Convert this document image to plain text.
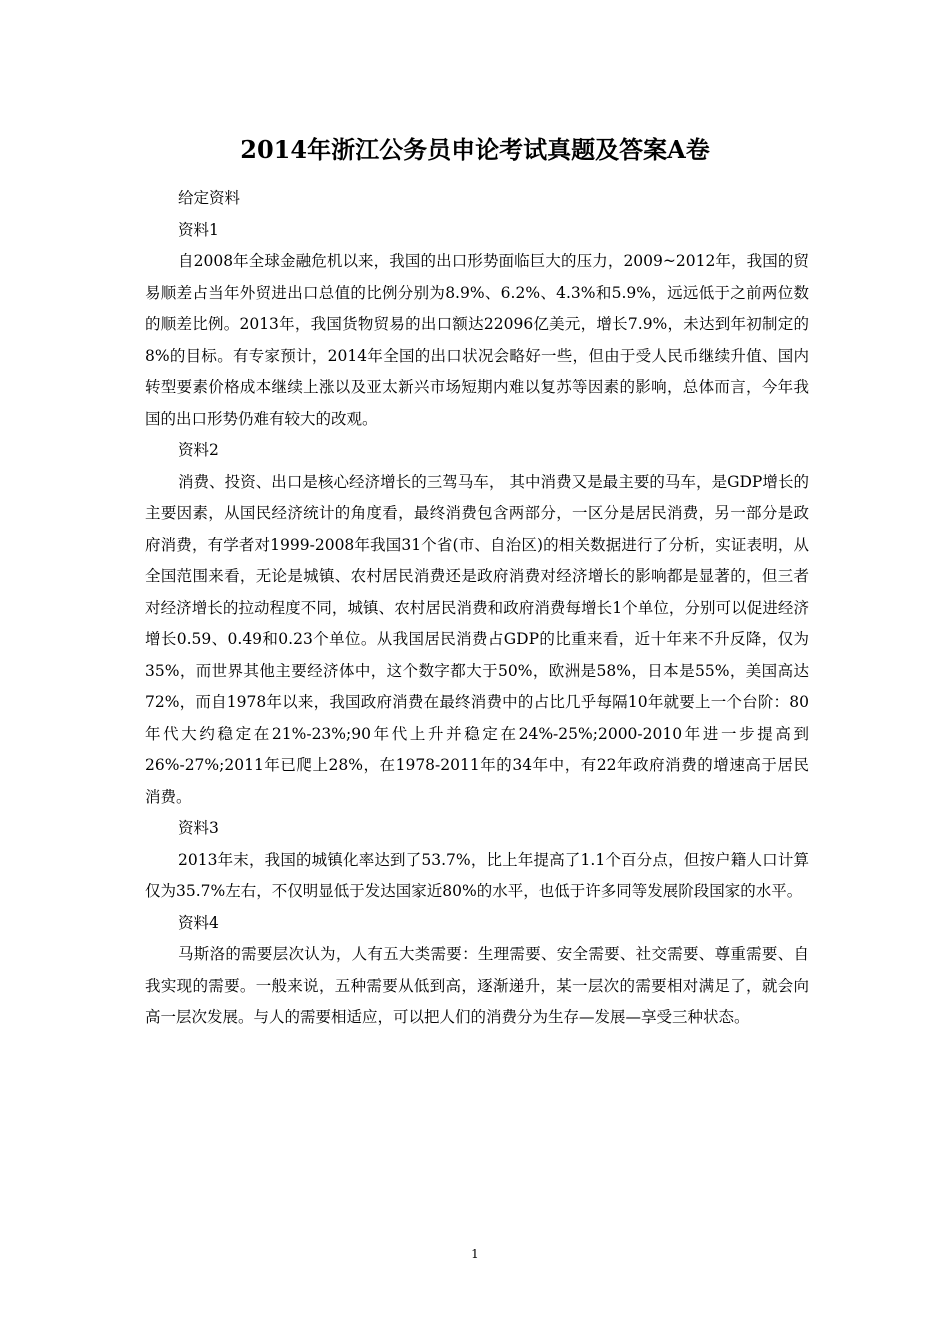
2014年浙江公务员申论考试真题及答案A卷

给定资料

资料1

自2008年全球金融危机以来，我国的出口形势面临巨大的压力，2009~2012年，我国的贸易顺差占当年外贸进出口总值的比例分别为8.9%、6.2%、4.3%和5.9%，远远低于之前两位数的顺差比例。2013年，我国货物贸易的出口额达22096亿美元，增长7.9%，未达到年初制定的8%的目标。有专家预计，2014年全国的出口状况会略好一些，但由于受人民币继续升值、国内转型要素价格成本继续上涨以及亚太新兴市场短期内难以复苏等因素的影响，总体而言，今年我国的出口形势仍难有较大的改观。

资料2

消费、投资、出口是核心经济增长的三驾马车， 其中消费又是最主要的马车，是GDP增长的主要因素，从国民经济统计的角度看，最终消费包含两部分，一区分是居民消费，另一部分是政府消费，有学者对1999-2008年我国31个省(市、自治区)的相关数据进行了分析，实证表明，从全国范围来看，无论是城镇、农村居民消费还是政府消费对经济增长的影响都是显著的，但三者对经济增长的拉动程度不同，城镇、农村居民消费和政府消费每增长1个单位，分别可以促进经济增长0.59、0.49和0.23个单位。从我国居民消费占GDP的比重来看，近十年来不升反降，仅为35%，而世界其他主要经济体中，这个数字都大于50%，欧洲是58%，日本是55%，美国高达72%，而自1978年以来，我国政府消费在最终消费中的占比几乎每隔10年就要上一个台阶：80年代大约稳定在21%-23%;90年代上升并稳定在24%-25%;2000-2010年进一步提高到26%-27%;2011年已爬上28%，在1978-2011年的34年中，有22年政府消费的增速高于居民消费。

资料3

2013年末，我国的城镇化率达到了53.7%，比上年提高了1.1个百分点，但按户籍人口计算仅为35.7%左右，不仅明显低于发达国家近80%的水平，也低于许多同等发展阶段国家的水平。

资料4

马斯洛的需要层次认为，人有五大类需要：生理需要、安全需要、社交需要、尊重需要、自我实现的需要。一般来说，五种需要从低到高，逐渐递升，某一层次的需要相对满足了，就会向高一层次发展。与人的需要相适应，可以把人们的消费分为生存—发展—享受三种状态。

1
